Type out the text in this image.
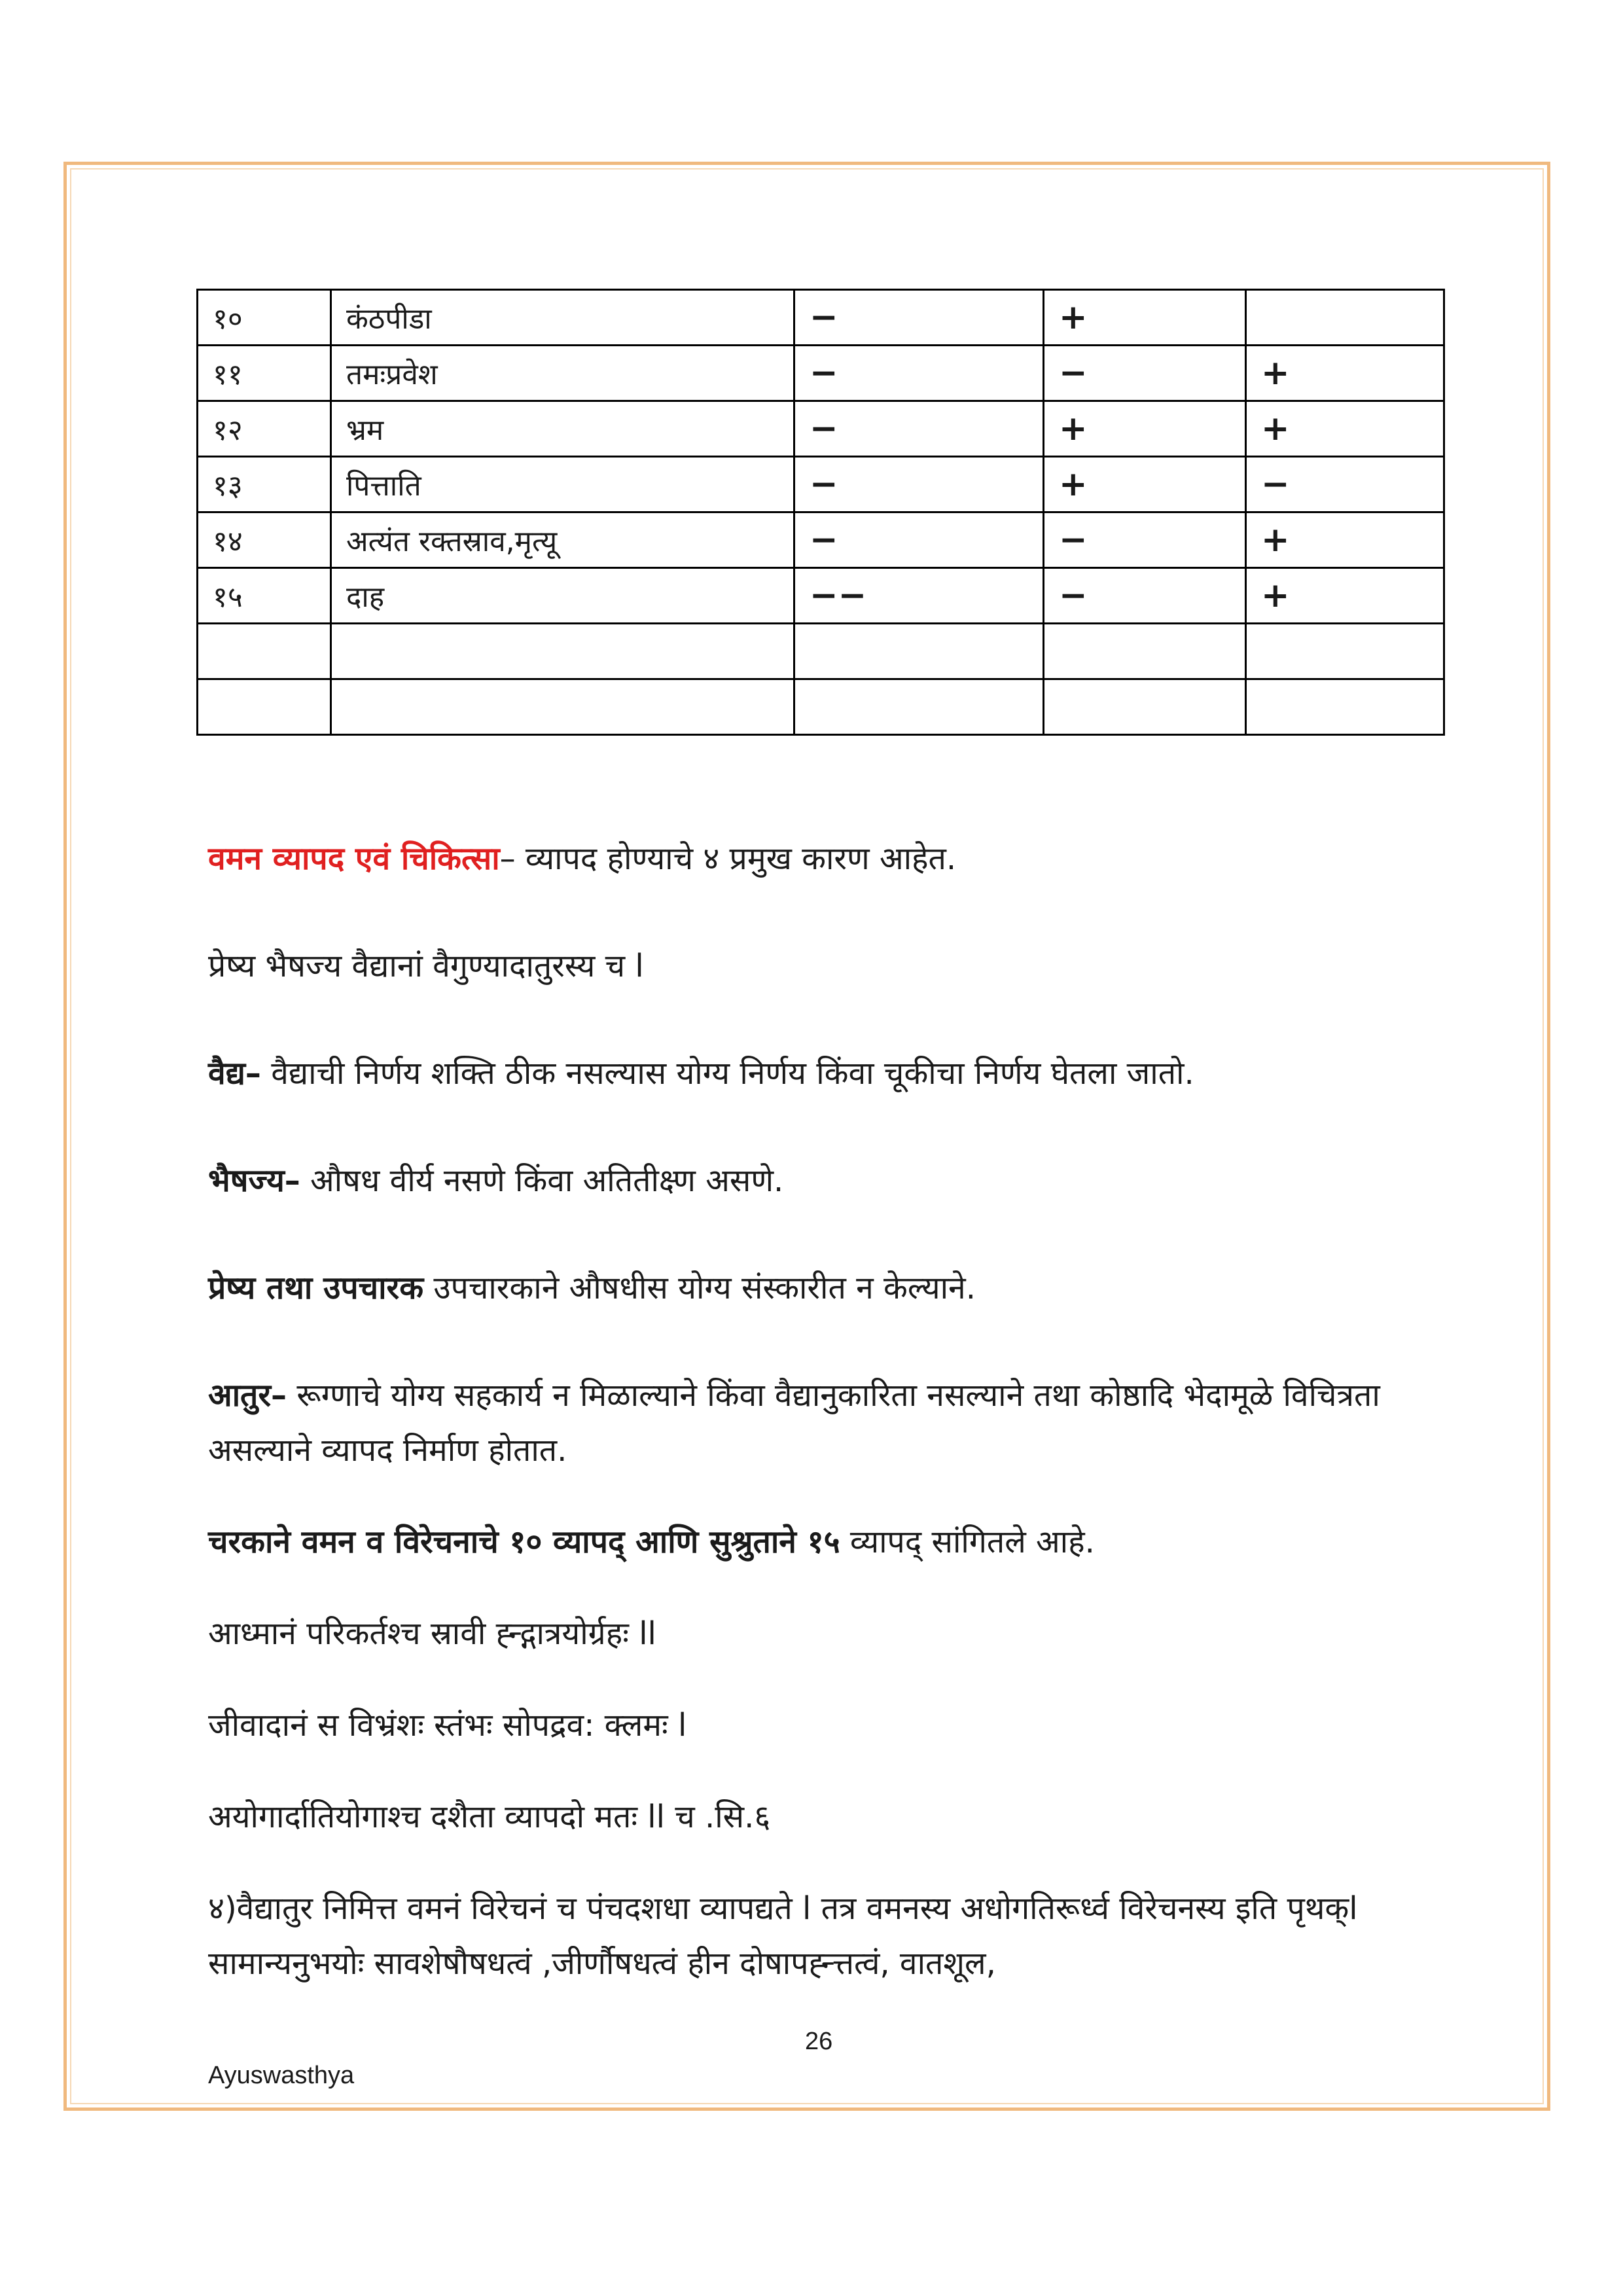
१०	कंठपीडा	−	+	
११	तमःप्रवेश	−	−	+
१२	भ्रम	−	+	+
१३	पित्ताति	−	+	−
१४	अत्यंत रक्तस्राव,मृत्यू	−	−	+
१५	दाह	−−	−	+

वमन व्यापद एवं चिकित्सा– व्यापद होण्याचे ४ प्रमुख कारण आहेत.

प्रेष्य भैषज्य वैद्यानां वैगुण्यादातुरस्य च l

वैद्य– वैद्याची निर्णय शक्ति ठीक नसल्यास योग्य निर्णय किंवा चूकीचा निर्णय घेतला जातो.

भैषज्य– औषध वीर्य नसणे किंवा अतितीक्ष्ण असणे.

प्रेष्य तथा उपचारक उपचारकाने औषधीस योग्य संस्कारीत न केल्याने.

आतुर– रूग्णाचे योग्य सहकार्य न मिळाल्याने किंवा वैद्यानुकारिता नसल्याने तथा कोष्ठादि भेदामूळे विचित्रता असल्याने व्यापद निर्माण होतात.

चरकाने वमन व विरेचनाचे १० व्यापद् आणि सुश्रुताने १५ व्यापद् सांगितले आहे.

आध्मानं परिकर्तश्च स्रावी ह्न्द्गात्रयोर्ग्रहः ll

जीवादानं स विभ्रंशः स्तंभः सोपद्रव: क्लमः l

अयोगार्दातियोगाश्च दशैता व्यापदो मतः ll च .सि.६

४)वैद्यातुर निमित्त वमनं विरेचनं च पंचदशधा व्यापद्यते l तत्र वमनस्य अधोगतिरूर्ध्व विरेचनस्य इति पृथक्l सामान्यनुभयोः सावशेषौषधत्वं ,जीर्णौषधत्वं हीन दोषापह्न्त्तत्वं, वातशूल,

26
Ayuswasthya
